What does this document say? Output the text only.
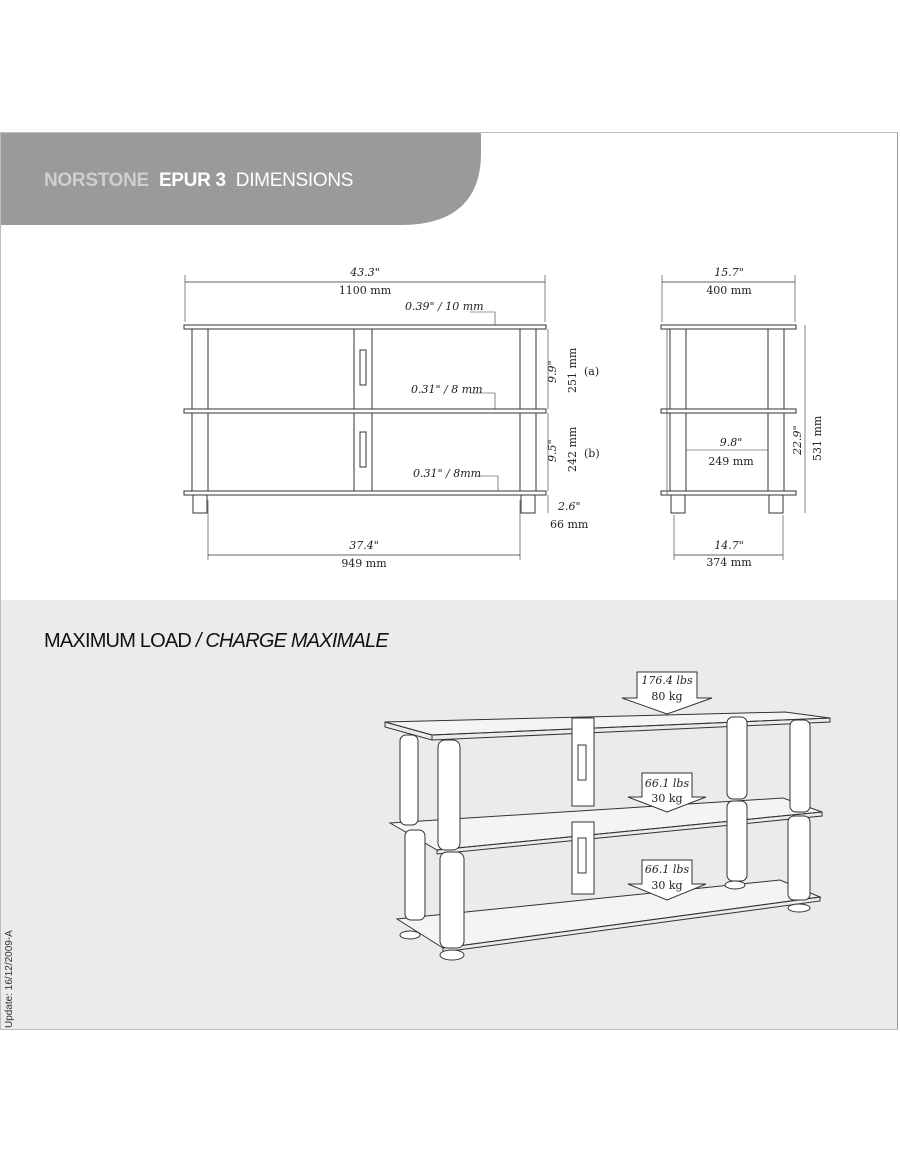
NORSTONE EPUR 3 DIMENSIONS
43.3"
1100 mm
0.39" / 10 mm
0.31" / 8 mm
0.31" / 8mm
9.9" 251 mm (a)
9.5" 242 mm (b)
2.6"
66 mm
37.4"
949 mm
15.7"
400 mm
9.8"
249 mm
22.9" 531 mm
14.7"
374 mm
176.4 lbs
80 kg
66.1 lbs
30 kg
66.1 lbs
30 kg
MAXIMUM LOAD / CHARGE MAXIMALE
Update: 16/12/2009-A
